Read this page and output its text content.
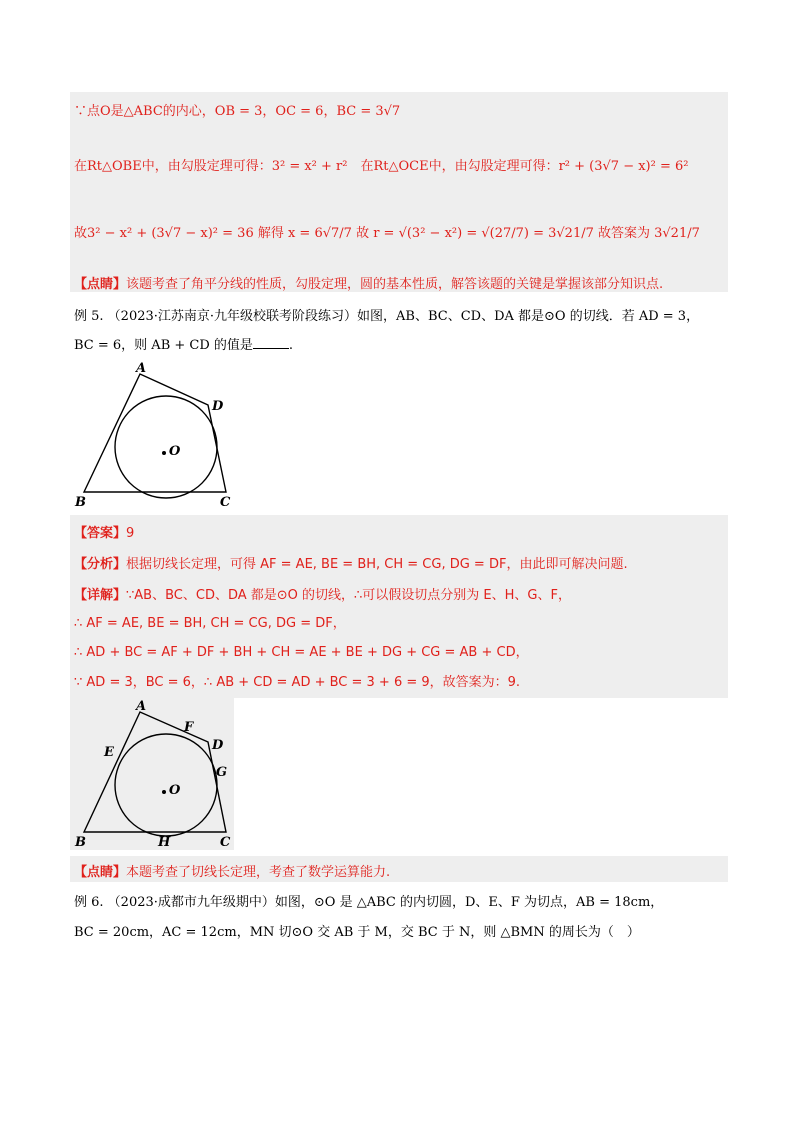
∵点O是△ABC的内心，OB = 3，OC = 6，BC = 3√7
在Rt△OBE中，由勾股定理可得：3² = x² + r²　在Rt△OCE中，由勾股定理可得：r² + (3√7 − x)² = 6²
故3² − x² + (3√7 − x)² = 36 解得 x = 6√7/7 故 r = √(3² − x²) = √(27/7) = 3√21/7 故答案为 3√21/7
【点睛】该题考查了角平分线的性质，勾股定理，圆的基本性质，解答该题的关键是掌握该部分知识点.
例 5. （2023·江苏南京·九年级校联考阶段练习）如图，AB、BC、CD、DA 都是⊙O 的切线．若 AD = 3，
BC = 6，则 AB + CD 的值是	.
A
D
O
B	C
【答案】9
【分析】根据切线长定理，可得 AF = AE, BE = BH, CH = CG, DG = DF，由此即可解决问题.
【详解】∵AB、BC、CD、DA 都是⊙O 的切线，∴可以假设切点分别为 E、H、G、F，
∴ AF = AE, BE = BH, CH = CG, DG = DF，
∴ AD + BC = AF + DF + BH + CH = AE + BE + DG + CG = AB + CD，
∵ AD = 3，BC = 6，∴ AB + CD = AD + BC = 3 + 6 = 9，故答案为：9.
A
F
D
E
G
O
B	H	C
【点睛】本题考查了切线长定理，考查了数学运算能力.
例 6. （2023·成都市九年级期中）如图，⊙O 是 △ABC 的内切圆，D、E、F 为切点，AB = 18cm，
BC = 20cm，AC = 12cm，MN 切⊙O 交 AB 于 M，交 BC 于 N，则 △BMN 的周长为（　）
